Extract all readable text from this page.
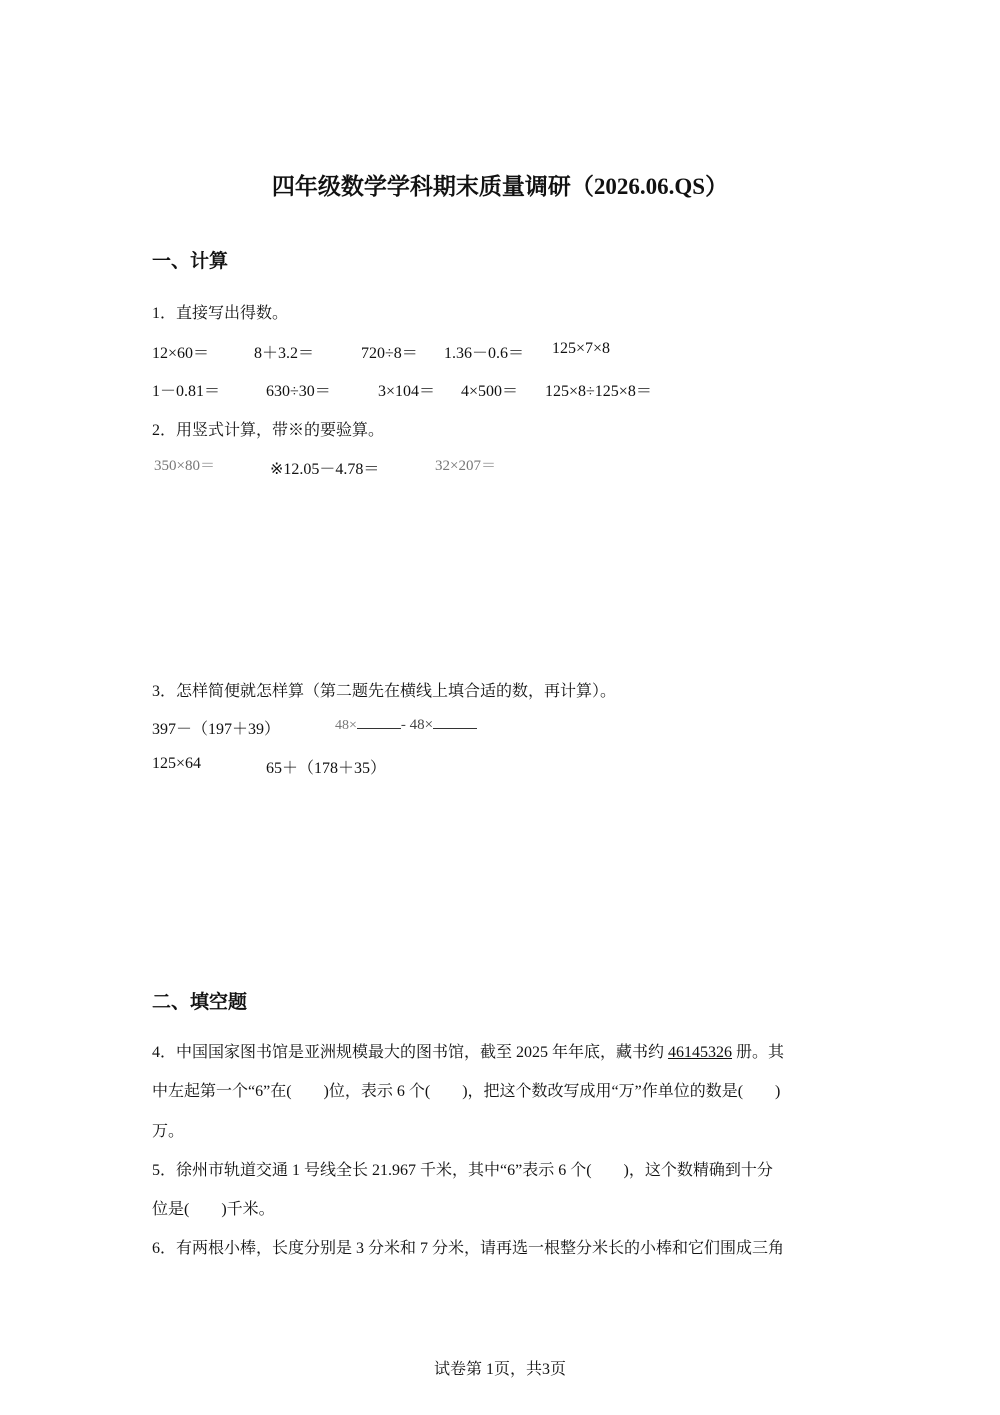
四年级数学学科期末质量调研（2026.06.QS）
一、计算
1．直接写出得数。
12×60＝	8＋3.2＝	720÷8＝ 1.36－0.6＝ 125×7×8
1－0.81＝	630÷30＝	3×104＝ 4×500＝ 125×8÷125×8＝
2．用竖式计算，带※的要验算。
350×80＝	※12.05－4.78＝	32×207＝
3．怎样简便就怎样算（第二题先在横线上填合适的数，再计算）。
397－（197＋39）	48×	- 48×
125×64	65＋（178＋35）
二、填空题
4．中国国家图书馆是亚洲规模最大的图书馆，截至 2025 年年底，藏书约 46145326 册。其
中左起第一个“6”在(　　)位，表示 6 个(　　)，把这个数改写成用“万”作单位的数是(　　)
万。
5．徐州市轨道交通 1 号线全长 21.967 千米，其中“6”表示 6 个(　　)，这个数精确到十分
位是(　　)千米。
6．有两根小棒，长度分别是 3 分米和 7 分米，请再选一根整分米长的小棒和它们围成三角
试卷第 1页，共3页
